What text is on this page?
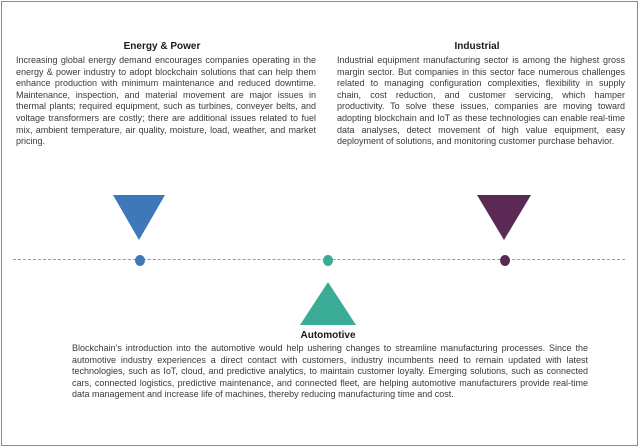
Energy & Power
Increasing global energy demand encourages companies operating in the energy & power industry to adopt blockchain solutions that can help them enhance production with minimum maintenance and reduced downtime. Maintenance, inspection, and material movement are major issues in thermal plants; required equipment, such as turbines, conveyer belts, and voltage transformers are costly; there are additional issues related to fuel mix, ambient temperature, air quality, moisture, load, weather, and market pricing.
Industrial
Industrial equipment manufacturing sector is among the highest gross margin sector. But companies in this sector face numerous challenges related to managing configuration complexities, flexibility in supply chain, cost reduction, and customer servicing, which hamper productivity. To solve these issues, companies are moving toward adopting blockchain and IoT as these technologies can enable real-time data analyses, detect movement of high value equipment, easy deployment of solutions, and monitoring customer purchase behavior.
Automotive
Blockchain’s introduction into the automotive would help ushering changes to streamline manufacturing processes. Since the automotive industry experiences a direct contact with customers, industry incumbents need to remain updated with latest technologies, such as IoT, cloud, and predictive analytics, to maintain customer loyalty. Emerging solutions, such as connected cars, connected logistics, predictive maintenance, and connected fleet, are helping automotive manufacturers provide real-time data management and increase life of machines, thereby reducing manufacturing time and cost.
